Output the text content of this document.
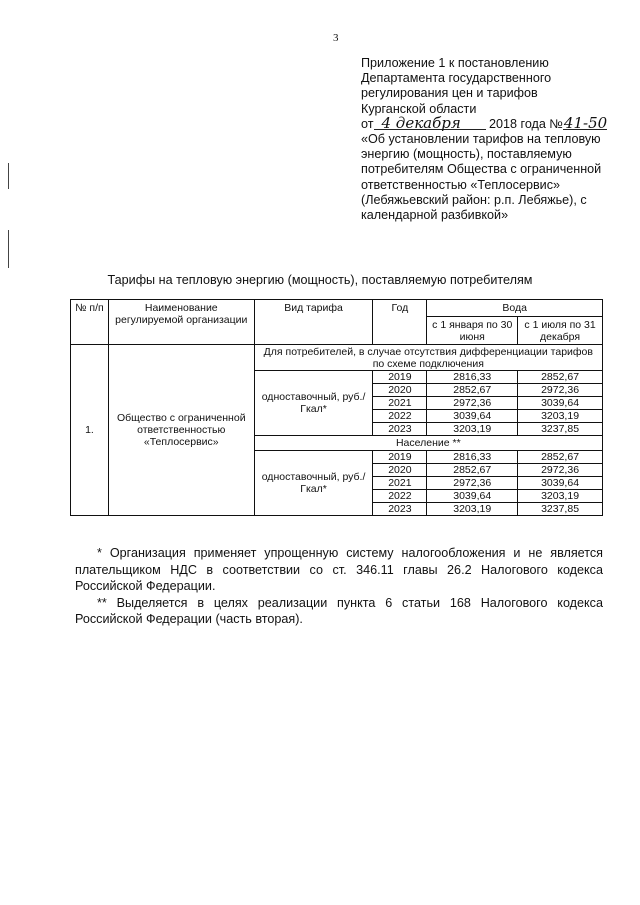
3
Приложение 1 к постановлению
Департамента государственного
регулирования цен и тарифов
Курганской области
от 4 декабря 2018 года №41-50
«Об установлении тарифов на тепловую энергию (мощность), поставляемую потребителям Общества с ограниченной ответственностью «Теплосервис» (Лебяжьевский район: р.п. Лебяжье), с календарной разбивкой»
Тарифы на тепловую энергию (мощность), поставляемую потребителям
№ п/п	Наименование регулируемой организации	Вид тарифа	Год	Вода	
				с 1 января по 30 июня	с 1 июля по 31 декабря
1.	Общество с ограниченной ответственностью «Теплосервис»	Для потребителей, в случае отсутствия дифференциации тарифов по схеме подключения			
		одноставочный, руб./Гкал*	2019	2816,33	2852,67
			2020	2852,67	2972,36
			2021	2972,36	3039,64
			2022	3039,64	3203,19
			2023	3203,19	3237,85
		Население **			
		одноставочный, руб./Гкал*	2019	2816,33	2852,67
			2020	2852,67	2972,36
			2021	2972,36	3039,64
			2022	3039,64	3203,19
			2023	3203,19	3237,85

* Организация применяет упрощенную систему налогообложения и не является плательщиком НДС в соответствии со ст. 346.11 главы 26.2 Налогового кодекса Российской Федерации.

** Выделяется в целях реализации пункта 6 статьи 168 Налогового кодекса Российской Федерации (часть вторая).
